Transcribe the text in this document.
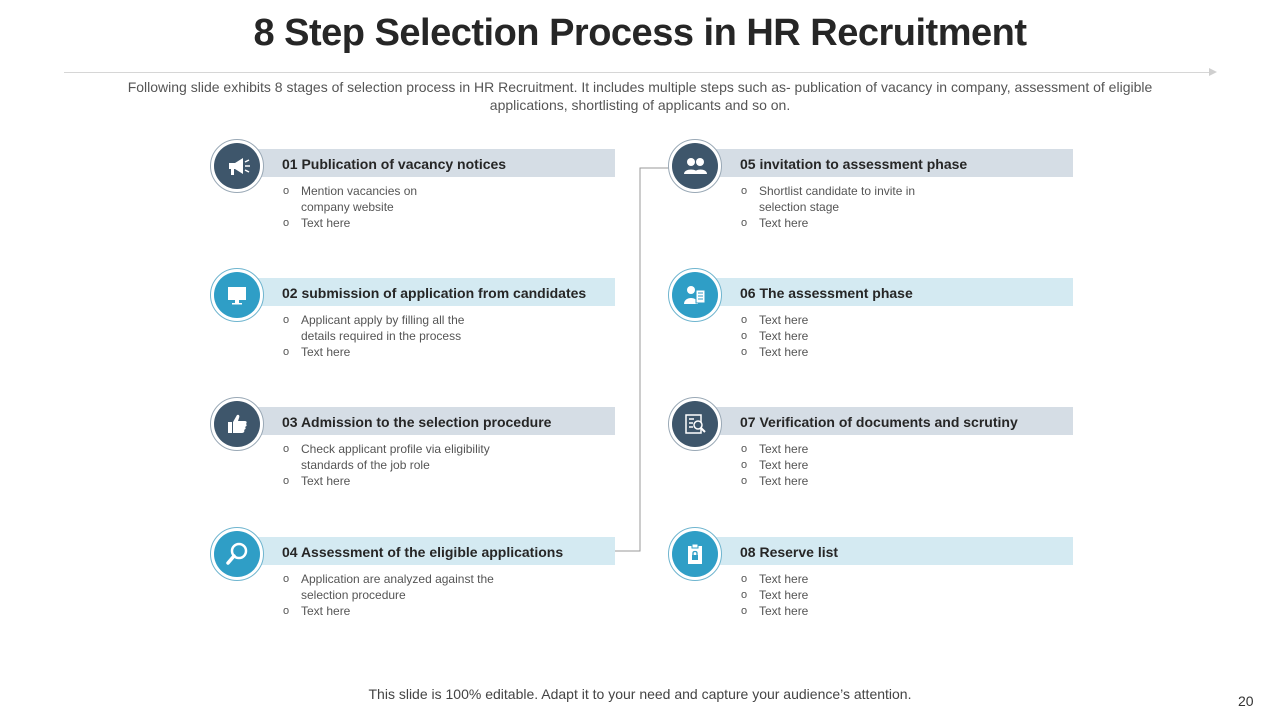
8 Step Selection Process in HR Recruitment
Following slide exhibits 8 stages of selection process in HR Recruitment. It includes multiple steps such as- publication of vacancy in company, assessment of eligible applications, shortlisting of applicants and so on.
01 Publication of vacancy notices
o Mention vacancies on
company website
o Text here
02 submission of application from candidates
o Applicant apply by filling all the
details required in the process
o Text here
03 Admission to the selection procedure
o Check applicant profile via eligibility
standards of the job role
o Text here
04 Assessment of the eligible applications
o Application are analyzed against the
selection procedure
o Text here
05 invitation to assessment phase
o Shortlist candidate to invite in
selection stage
o Text here
06 The assessment phase
o Text here
o Text here
o Text here
07 Verification of documents and scrutiny
o Text here
o Text here
o Text here
08 Reserve list
o Text here
o Text here
o Text here
This slide is 100% editable. Adapt it to your need and capture your audience’s attention.	20
